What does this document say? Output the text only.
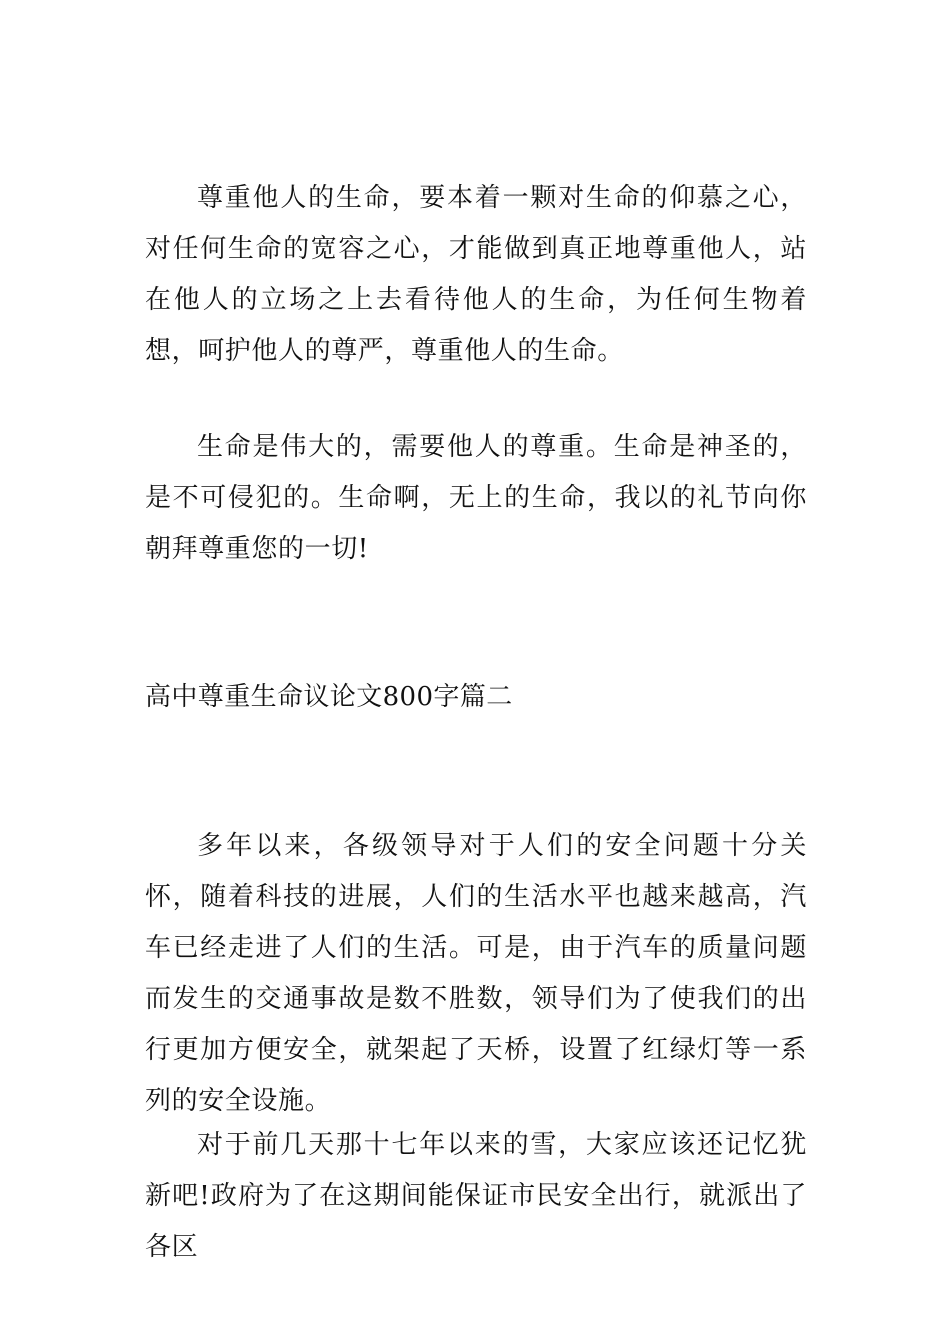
尊重他人的生命，要本着一颗对生命的仰慕之心，对任何生命的宽容之心，才能做到真正地尊重他人，站在他人的立场之上去看待他人的生命，为任何生物着想，呵护他人的尊严，尊重他人的生命。

生命是伟大的，需要他人的尊重。生命是神圣的，是不可侵犯的。生命啊，无上的生命，我以的礼节向你朝拜尊重您的一切!

高中尊重生命议论文800字篇二

多年以来，各级领导对于人们的安全问题十分关怀，随着科技的进展，人们的生活水平也越来越高，汽车已经走进了人们的生活。可是，由于汽车的质量问题而发生的交通事故是数不胜数，领导们为了使我们的出行更加方便安全，就架起了天桥，设置了红绿灯等一系列的安全设施。

对于前几天那十七年以来的雪，大家应该还记忆犹新吧!政府为了在这期间能保证市民安全出行，就派出了各区
